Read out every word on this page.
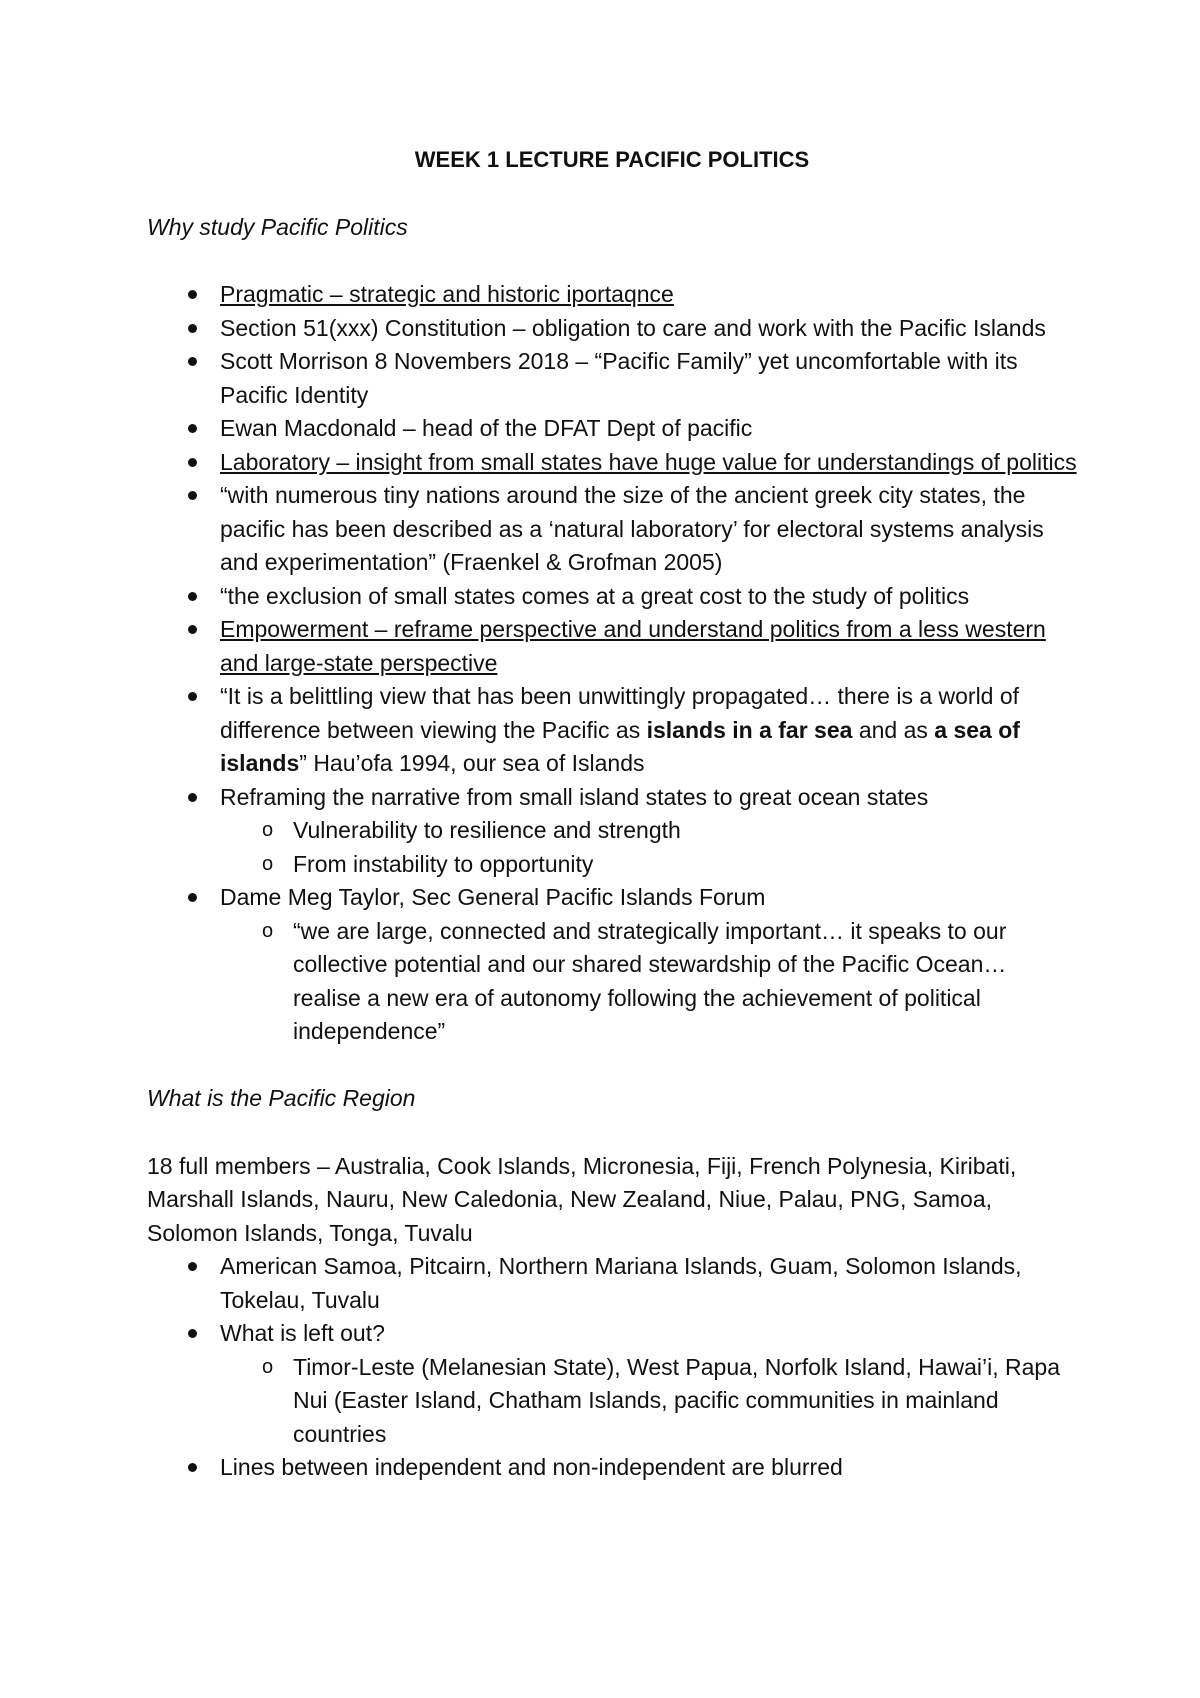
WEEK 1 LECTURE PACIFIC POLITICS
Why study Pacific Politics
Pragmatic – strategic and historic iportaqnce
Section 51(xxx) Constitution – obligation to care and work with the Pacific Islands
Scott Morrison 8 Novembers 2018 – “Pacific Family” yet uncomfortable with its Pacific Identity
Ewan Macdonald – head of the DFAT Dept of pacific
Laboratory – insight from small states have huge value for understandings of politics
“with numerous tiny nations around the size of the ancient greek city states, the pacific has been described as a ‘natural laboratory’ for electoral systems analysis and experimentation” (Fraenkel & Grofman 2005)
“the exclusion of small states comes at a great cost to the study of politics
Empowerment – reframe perspective and understand politics from a less western and large-state perspective
“It is a belittling view that has been unwittingly propagated… there is a world of difference between viewing the Pacific as islands in a far sea and as a sea of islands” Hau’ofa 1994, our sea of Islands
Reframing the narrative from small island states to great ocean states
o Vulnerability to resilience and strength
o From instability to opportunity
Dame Meg Taylor, Sec General Pacific Islands Forum
o “we are large, connected and strategically important… it speaks to our collective potential and our shared stewardship of the Pacific Ocean… realise a new era of autonomy following the achievement of political independence”
What is the Pacific Region

18 full members – Australia, Cook Islands, Micronesia, Fiji, French Polynesia, Kiribati, Marshall Islands, Nauru, New Caledonia, New Zealand, Niue, Palau, PNG, Samoa, Solomon Islands, Tonga, Tuvalu

American Samoa, Pitcairn, Northern Mariana Islands, Guam, Solomon Islands, Tokelau, Tuvalu
What is left out?
o Timor-Leste (Melanesian State), West Papua, Norfolk Island, Hawai’i, Rapa Nui (Easter Island, Chatham Islands, pacific communities in mainland countries
Lines between independent and non-independent are blurred
